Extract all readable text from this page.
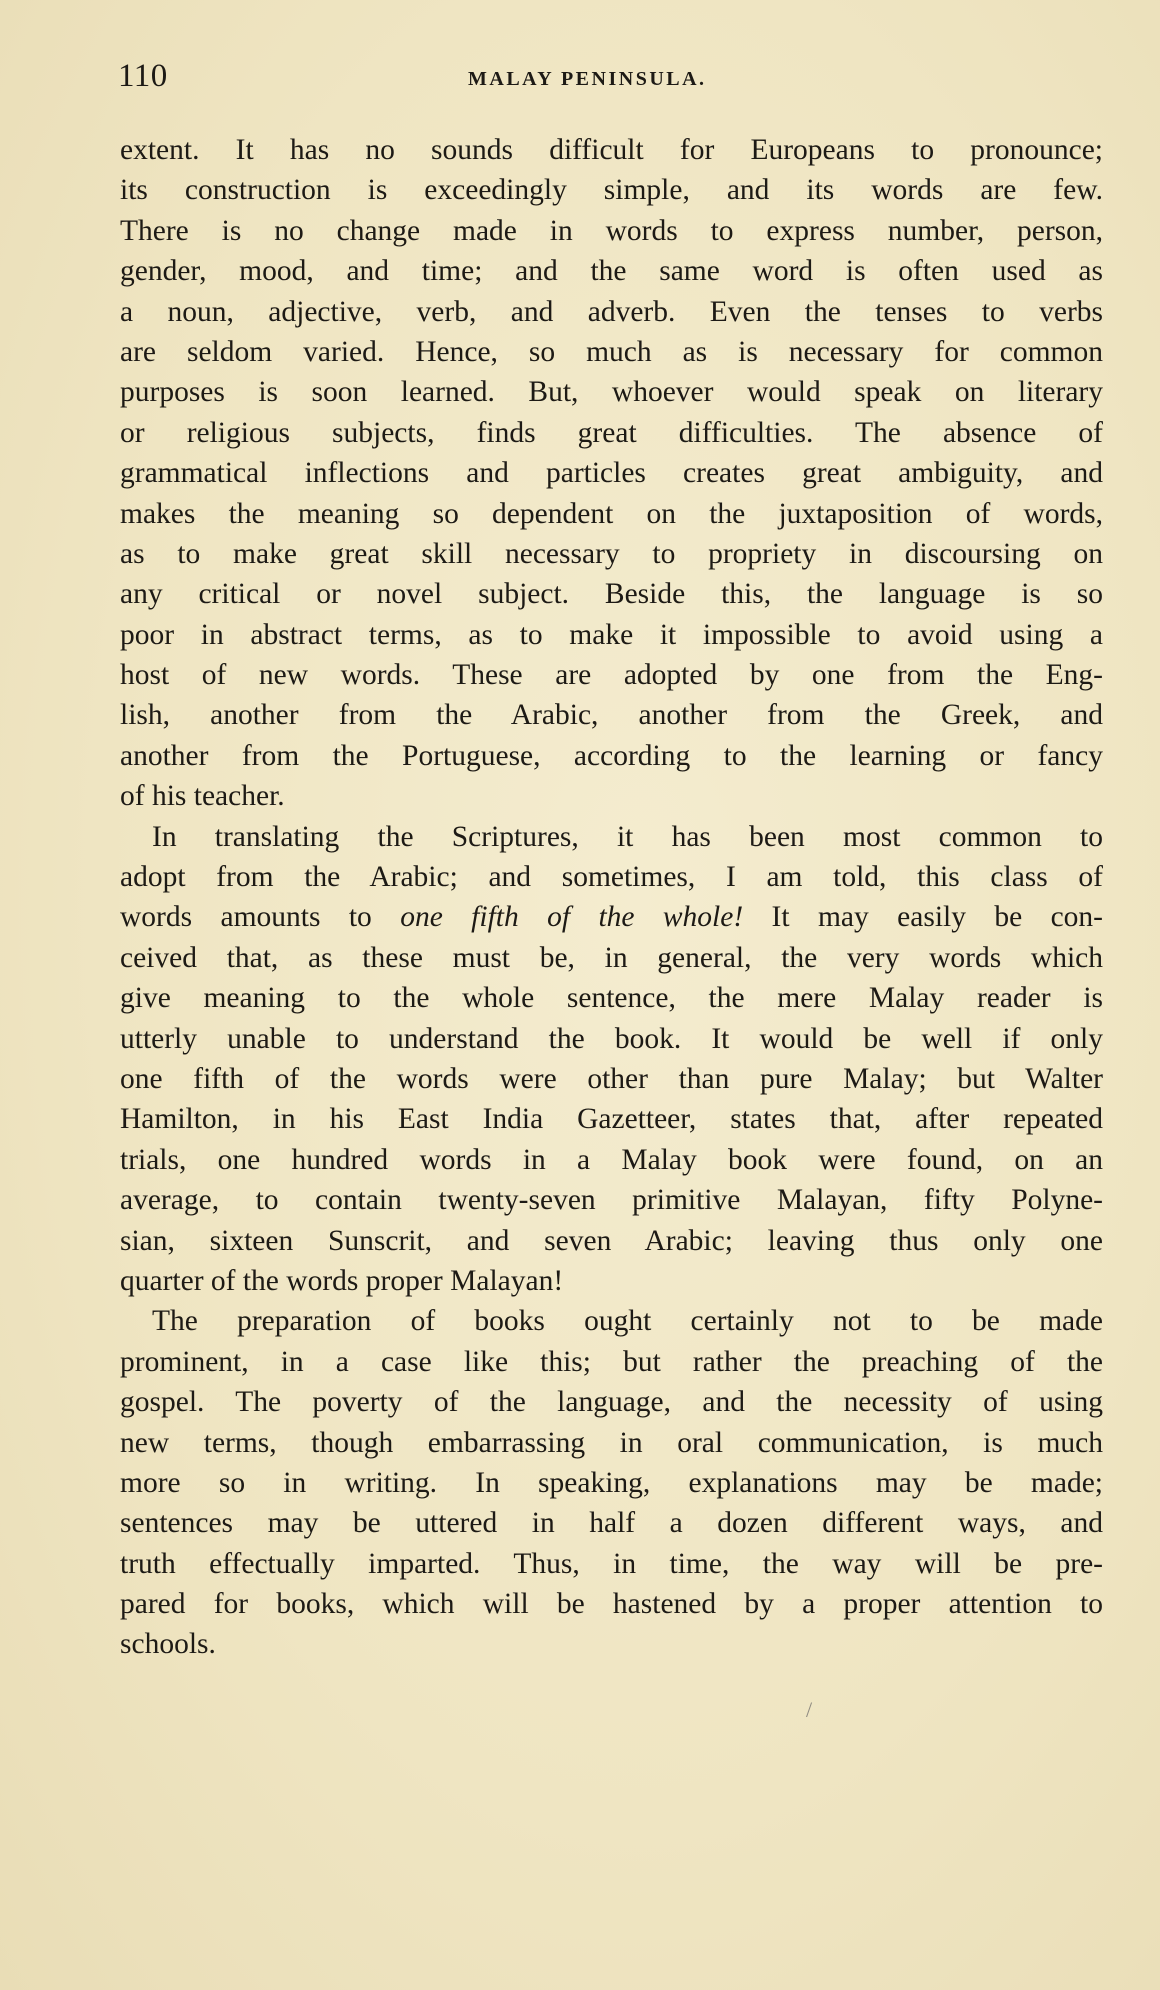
110	MALAY PENINSULA.
extent. It has no sounds difficult for Europeans to pronounce;
its construction is exceedingly simple, and its words are few.
There is no change made in words to express number, person,
gender, mood, and time; and the same word is often used as
a noun, adjective, verb, and adverb. Even the tenses to verbs
are seldom varied. Hence, so much as is necessary for common
purposes is soon learned. But, whoever would speak on literary
or religious subjects, finds great difficulties. The absence of
grammatical inflections and particles creates great ambiguity, and
makes the meaning so dependent on the juxtaposition of words,
as to make great skill necessary to propriety in discoursing on
any critical or novel subject. Beside this, the language is so
poor in abstract terms, as to make it impossible to avoid using a
host of new words. These are adopted by one from the Eng-
lish, another from the Arabic, another from the Greek, and
another from the Portuguese, according to the learning or fancy
of his teacher.
In translating the Scriptures, it has been most common to
adopt from the Arabic; and sometimes, I am told, this class of
words amounts to one fifth of the whole! It may easily be con-
ceived that, as these must be, in general, the very words which
give meaning to the whole sentence, the mere Malay reader is
utterly unable to understand the book. It would be well if only
one fifth of the words were other than pure Malay; but Walter
Hamilton, in his East India Gazetteer, states that, after repeated
trials, one hundred words in a Malay book were found, on an
average, to contain twenty-seven primitive Malayan, fifty Polyne-
sian, sixteen Sunscrit, and seven Arabic; leaving thus only one
quarter of the words proper Malayan!
The preparation of books ought certainly not to be made
prominent, in a case like this; but rather the preaching of the
gospel. The poverty of the language, and the necessity of using
new terms, though embarrassing in oral communication, is much
more so in writing. In speaking, explanations may be made;
sentences may be uttered in half a dozen different ways, and
truth effectually imparted. Thus, in time, the way will be pre-
pared for books, which will be hastened by a proper attention to
schools.
/
